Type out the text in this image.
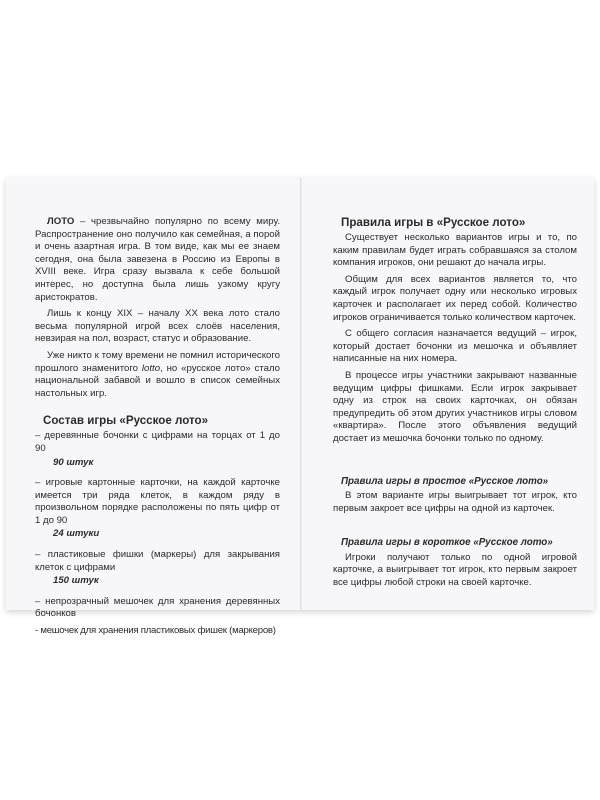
ЛОТО – чрезвычайно популярно по всему миру. Распространение оно получило как семейная, а порой и очень азартная игра. В том виде, как мы ее знаем сегодня, она была завезена в Россию из Европы в XVIII веке. Игра сразу вызвала к себе большой интерес, но доступна была лишь узкому кругу аристократов.

Лишь к концу XIX – началу XX века лото стало весьма популярной игрой всех слоёв населения, невзирая на пол, возраст, статус и образование.

Уже никто к тому времени не помнил исторического прошлого знаменитого lotto, но «русское лото» стало национальной забавой и вошло в список семейных настольных игр.

Состав игры «Русское лото»

– деревянные бочонки с цифрами на торцах от 1 до 90

90 штук

– игровые картонные карточки, на каждой карточке имеется три ряда клеток, в каждом ряду в произвольном порядке расположены по пять цифр от 1 до 90

24 штуки

– пластиковые фишки (маркеры) для закрывания клеток с цифрами

150 штук

– непрозрачный мешочек для хранения деревянных бочонков

- мешочек для хранения пластиковых фишек (маркеров)

Правила игры в «Русское лото»

Существует несколько вариантов игры и то, по каким правилам будет играть собравшаяся за столом компания игроков, они решают до начала игры.

Общим для всех вариантов является то, что каждый игрок получает одну или несколько игровых карточек и располагает их перед собой. Количество игроков ограничивается только количеством карточек.

С общего согласия назначается ведущий – игрок, который достает бочонки из мешочка и объявляет написанные на них номера.

В процессе игры участники закрывают названные ведущим цифры фишками. Если игрок закрывает одну из строк на своих карточках, он обязан предупредить об этом других участников игры словом «квартира». После этого объявления ведущий достает из мешочка бочонки только по одному.

Правила игры в простое «Русское лото»

В этом варианте игры выигрывает тот игрок, кто первым закроет все цифры на одной из карточек.

Правила игры в короткое «Русское лото»

Игроки получают только по одной игровой карточке, а выигрывает тот игрок, кто первым закроет все цифры любой строки на своей карточке.
